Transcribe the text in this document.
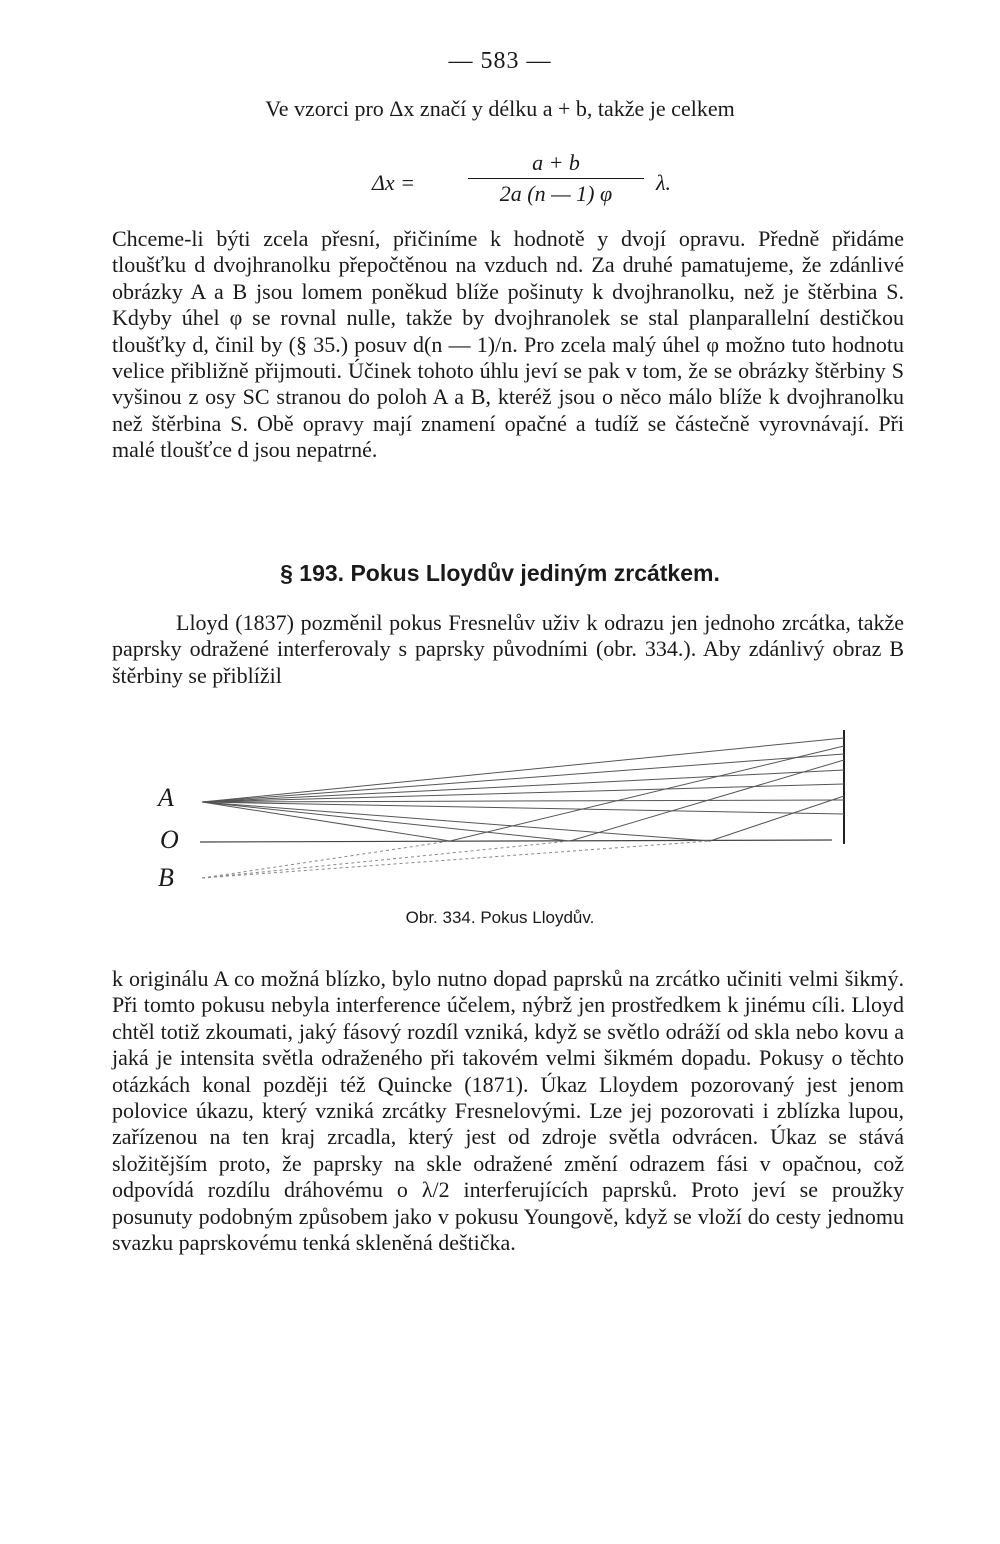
— 583 —

Ve vzorci pro Δx značí y délku a + b, takže je celkem

$\Delta x = \frac{a + b}{2a (n — 1) \varphi} \lambda$.

Chceme-li býti zcela přesní, přičiníme k hodnotě y dvojí opravu. Předně přidáme tloušťku d dvojhranolku přepočtěnou na vzduch nd. Za druhé pamatujeme, že zdánlivé obrázky A a B jsou lomem poněkud blíže pošinuty k dvojhranolku, než je štěrbina S. Kdyby úhel φ se rovnal nulle, takže by dvojhranolek se stal planparallelní destičkou tloušťky d, činil by (§ 35.) posuv d(n — 1)/n. Pro zcela malý úhel φ možno tuto hodnotu velice přibližně přijmouti. Účinek tohoto úhlu jeví se pak v tom, že se obrázky štěrbiny S vyšinou z osy SC stranou do poloh A a B, kteréž jsou o něco málo blíže k dvojhranolku než štěrbina S. Obě opravy mají znamení opačné a tudíž se částečně vyrovnávají. Při malé tloušťce d jsou nepatrné.

§ 193. Pokus Lloydův jediným zrcátkem.

Lloyd (1837) pozměnil pokus Fresnelův uživ k odrazu jen jednoho zrcátka, takže paprsky odražené interferovaly s paprsky původními (obr. 334.). Aby zdánlivý obraz B štěrbiny se přiblížil

A
O
B
Obr. 334. Pokus Lloydův.

k originálu A co možná blízko, bylo nutno dopad paprsků na zrcátko učiniti velmi šikmý. Při tomto pokusu nebyla interference účelem, nýbrž jen prostředkem k jinému cíli. Lloyd chtěl totiž zkoumati, jaký fásový rozdíl vzniká, když se světlo odráží od skla nebo kovu a jaká je intensita světla odraženého při takovém velmi šikmém dopadu. Pokusy o těchto otázkách konal později též Quincke (1871). Úkaz Lloydem pozorovaný jest jenom polovice úkazu, který vzniká zrcátky Fresnelovými. Lze jej pozorovati i zblízka lupou, zařízenou na ten kraj zrcadla, který jest od zdroje světla odvrácen. Úkaz se stává složitějším proto, že paprsky na skle odražené změní odrazem fási v opačnou, což odpovídá rozdílu dráhovému o λ/2 interferujících paprsků. Proto jeví se proužky posunuty podobným způsobem jako v pokusu Youngově, když se vloží do cesty jednomu svazku paprskovému tenká skleněná deštička.
